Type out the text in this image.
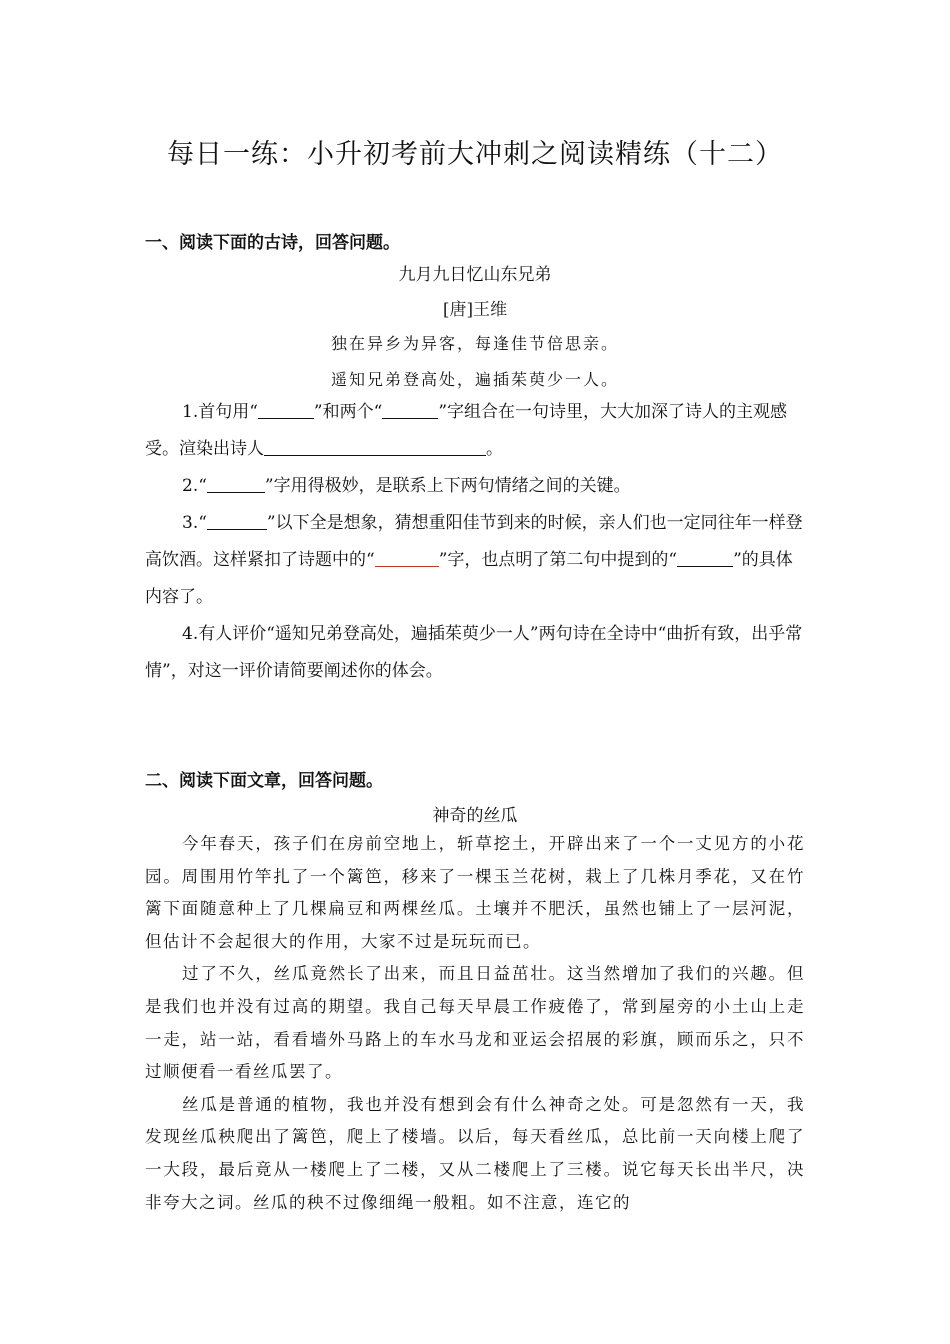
每日一练：小升初考前大冲刺之阅读精练（十二）
一、阅读下面的古诗，回答问题。
九月九日忆山东兄弟
[唐]王维
独在异乡为异客，每逢佳节倍思亲。
遥知兄弟登高处，遍插茱萸少一人。

1.首句用“	”和两个“	”字组合在一句诗里，大大加深了诗人的主观感受。渲染出诗人	。

2.“	”字用得极妙，是联系上下两句情绪之间的关键。

3.“	”以下全是想象，猜想重阳佳节到来的时候，亲人们也一定同往年一样登高饮酒。这样紧扣了诗题中的“	”字，也点明了第二句中提到的“	”的具体内容了。

4.有人评价“遥知兄弟登高处，遍插茱萸少一人”两句诗在全诗中“曲折有致，出乎常情”，对这一评价请简要阐述你的体会。

二、阅读下面文章，回答问题。
神奇的丝瓜

今年春天，孩子们在房前空地上，斩草挖土，开辟出来了一个一丈见方的小花园。周围用竹竿扎了一个篱笆，移来了一棵玉兰花树，栽上了几株月季花，又在竹篱下面随意种上了几棵扁豆和两棵丝瓜。土壤并不肥沃，虽然也铺上了一层河泥，但估计不会起很大的作用，大家不过是玩玩而已。

过了不久，丝瓜竟然长了出来，而且日益茁壮。这当然增加了我们的兴趣。但是我们也并没有过高的期望。我自己每天早晨工作疲倦了，常到屋旁的小土山上走一走，站一站，看看墙外马路上的车水马龙和亚运会招展的彩旗，顾而乐之，只不过顺便看一看丝瓜罢了。

丝瓜是普通的植物，我也并没有想到会有什么神奇之处。可是忽然有一天，我发现丝瓜秧爬出了篱笆，爬上了楼墙。以后，每天看丝瓜，总比前一天向楼上爬了一大段，最后竟从一楼爬上了二楼，又从二楼爬上了三楼。说它每天长出半尺，决非夸大之词。丝瓜的秧不过像细绳一般粗。如不注意，连它的
